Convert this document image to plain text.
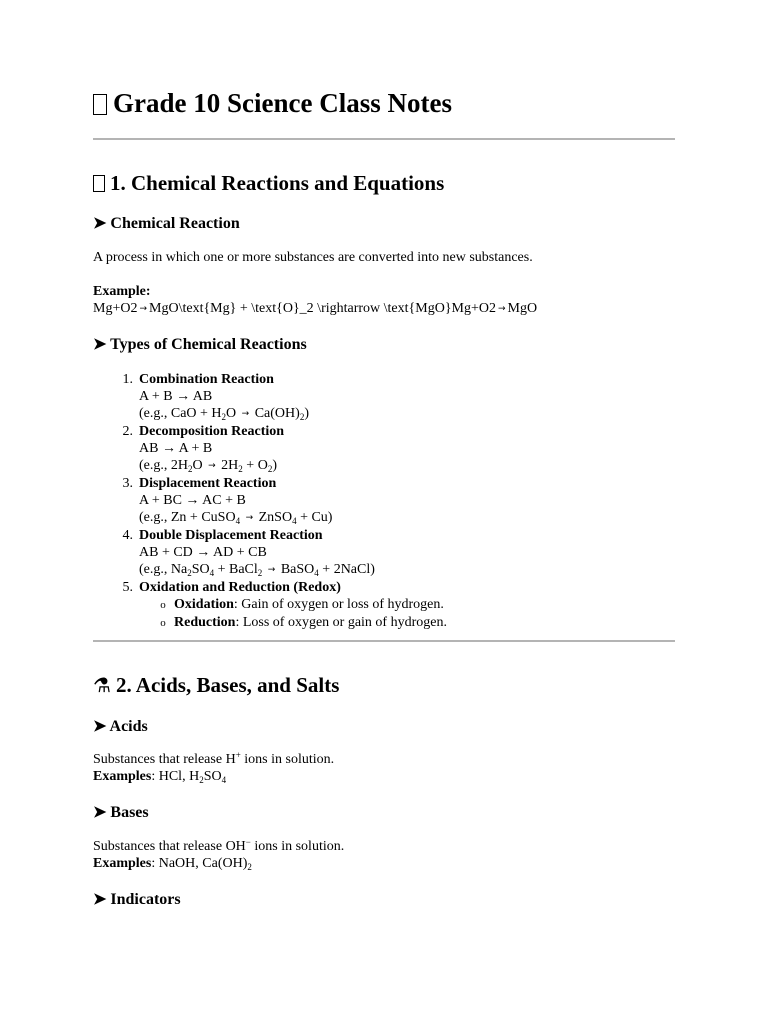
Grade 10 Science Class Notes
1. Chemical Reactions and Equations
➤ Chemical Reaction
A process in which one or more substances are converted into new substances.
Example:
Mg+O2 → MgO\text{Mg} + \text{O}_2 \rightarrow \text{MgO}Mg+O2 → MgO
➤ Types of Chemical Reactions
1. Combination Reaction
A + B → AB
(e.g., CaO + $H_2O \to Ca(OH)_2$)
2. Decomposition Reaction
AB → A + B
(e.g., $2H_2O \to 2H_2 + O_2$)
3. Displacement Reaction
A + BC → AC + B
(e.g., Zn + CuSO$_4$ → ZnSO$_4$ + Cu)
4. Double Displacement Reaction
AB + CD → AD + CB
(e.g., $Na_2SO_4$ + BaCl$_2$ → BaSO$_4$ + 2NaCl)
5. Oxidation and Reduction (Redox)
o Oxidation: Gain of oxygen or loss of hydrogen.
o Reduction: Loss of oxygen or gain of hydrogen.
⚗ 2. Acids, Bases, and Salts
➤ Acids
Substances that release H+ ions in solution.
Examples: HCl, $H_2SO_4$
➤ Bases
Substances that release OH− ions in solution.
Examples: NaOH, $Ca(OH)_2$
➤ Indicators
